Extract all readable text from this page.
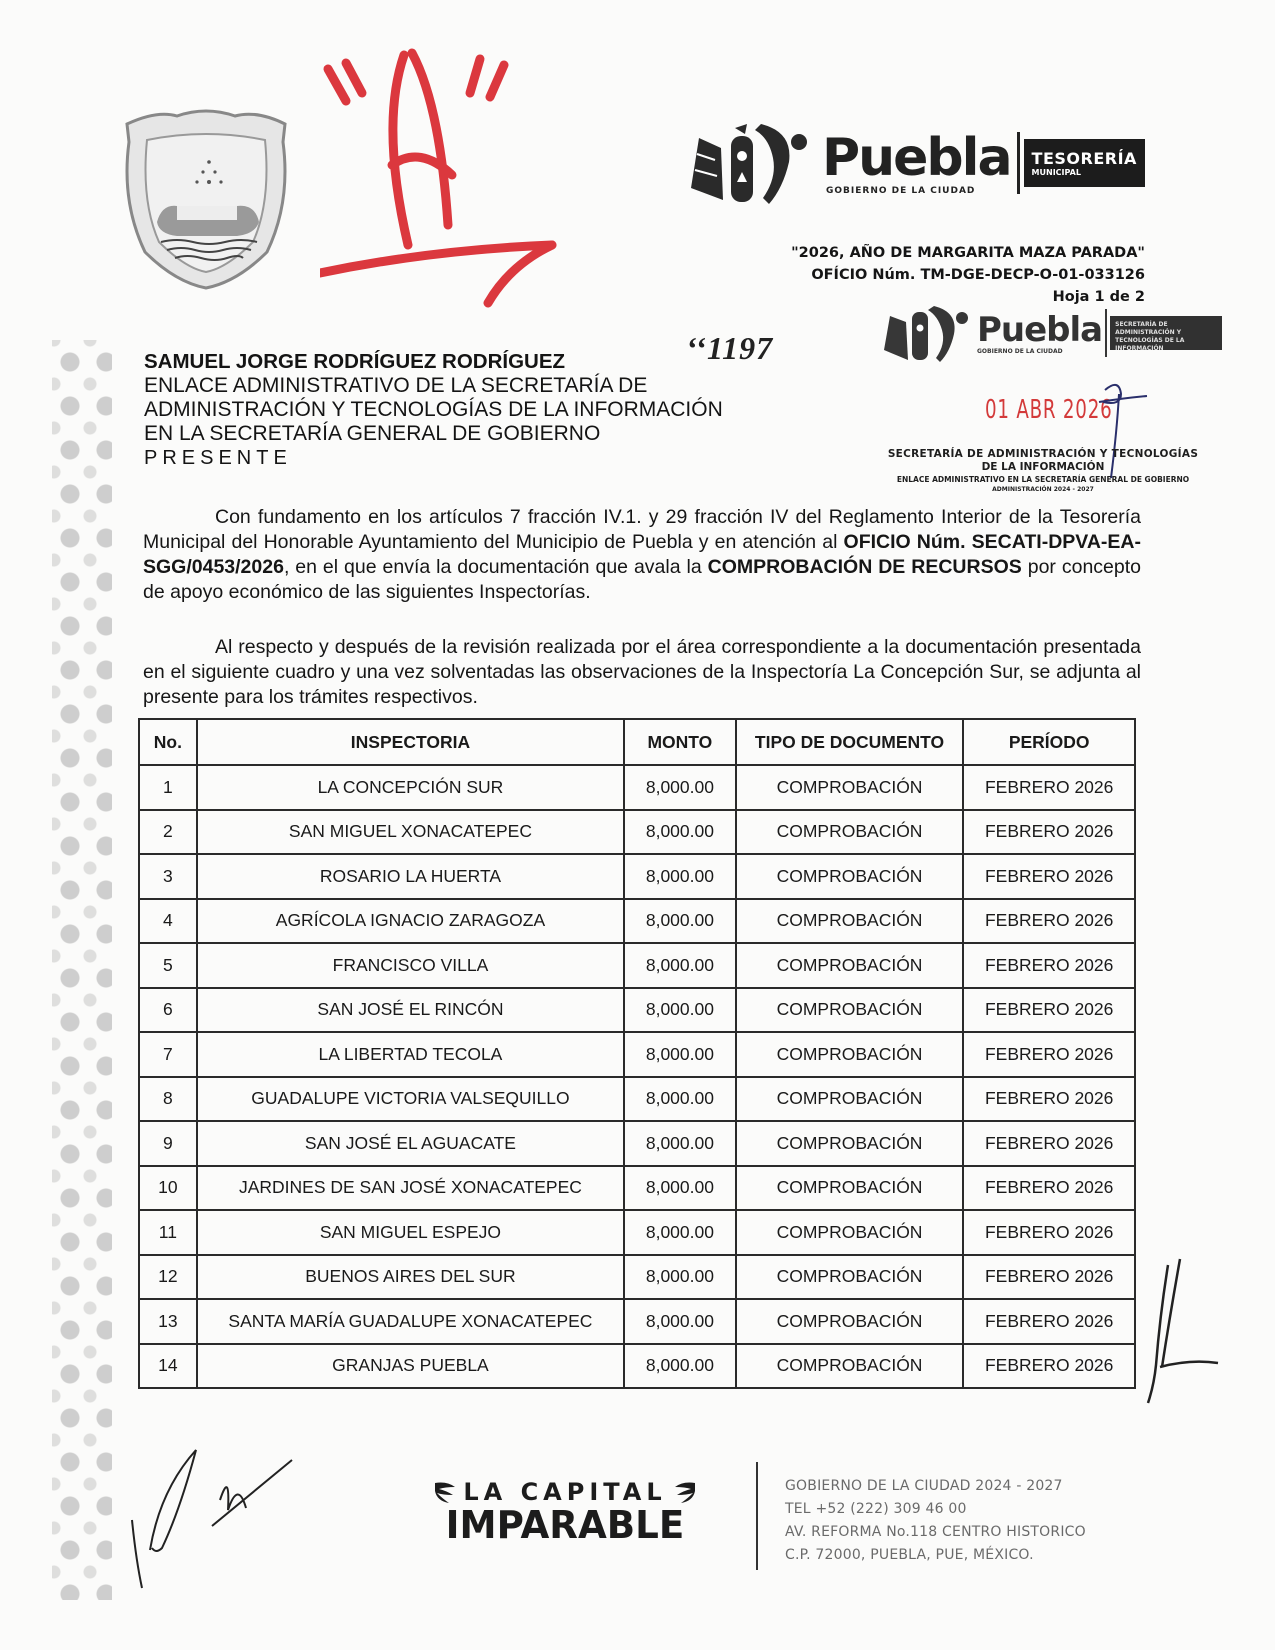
Puebla
GOBIERNO DE LA CIUDAD
TESORERÍA
MUNICIPAL
"2026, AÑO DE MARGARITA MAZA PARADA"
OFÍCIO Núm. TM-DGE-DECP-O-01-033126
Hoja 1 de 2
‘‘1197	Puebla
GOBIERNO DE LA CIUDAD
SECRETARÍA DE ADMINISTRACIÓN Y TECNOLOGÍAS DE LA INFORMACIÓN
01 ABR 2026
SECRETARÍA DE ADMINISTRACIÓN Y TECNOLOGÍAS
DE LA INFORMACIÓN
ENLACE ADMINISTRATIVO EN LA SECRETARÍA GENERAL DE GOBIERNO
ADMINISTRACIÓN 2024 - 2027
SAMUEL JORGE RODRÍGUEZ RODRÍGUEZ
ENLACE ADMINISTRATIVO DE LA SECRETARÍA DE
ADMINISTRACIÓN Y TECNOLOGÍAS DE LA INFORMACIÓN
EN LA SECRETARÍA GENERAL DE GOBIERNO
PRESENTE
Con fundamento en los artículos 7 fracción IV.1. y 29 fracción IV del Reglamento Interior de la Tesorería Municipal del Honorable Ayuntamiento del Municipio de Puebla y en atención al OFICIO Núm. SECATI-DPVA-EA-SGG/0453/2026, en el que envía la documentación que avala la COMPROBACIÓN DE RECURSOS por concepto de apoyo económico de las siguientes Inspectorías.
Al respecto y después de la revisión realizada por el área correspondiente a la documentación presentada en el siguiente cuadro y una vez solventadas las observaciones de la Inspectoría La Concepción Sur, se adjunta al presente para los trámites respectivos.
No.	INSPECTORIA	MONTO	TIPO DE DOCUMENTO	PERÍODO
1	LA CONCEPCIÓN SUR	8,000.00	COMPROBACIÓN	FEBRERO 2026
2	SAN MIGUEL XONACATEPEC	8,000.00	COMPROBACIÓN	FEBRERO 2026
3	ROSARIO LA HUERTA	8,000.00	COMPROBACIÓN	FEBRERO 2026
4	AGRÍCOLA IGNACIO ZARAGOZA	8,000.00	COMPROBACIÓN	FEBRERO 2026
5	FRANCISCO VILLA	8,000.00	COMPROBACIÓN	FEBRERO 2026
6	SAN JOSÉ EL RINCÓN	8,000.00	COMPROBACIÓN	FEBRERO 2026
7	LA LIBERTAD TECOLA	8,000.00	COMPROBACIÓN	FEBRERO 2026
8	GUADALUPE VICTORIA VALSEQUILLO	8,000.00	COMPROBACIÓN	FEBRERO 2026
9	SAN JOSÉ EL AGUACATE	8,000.00	COMPROBACIÓN	FEBRERO 2026
10	JARDINES DE SAN JOSÉ XONACATEPEC	8,000.00	COMPROBACIÓN	FEBRERO 2026
11	SAN MIGUEL ESPEJO	8,000.00	COMPROBACIÓN	FEBRERO 2026
12	BUENOS AIRES DEL SUR	8,000.00	COMPROBACIÓN	FEBRERO 2026
13	SANTA MARÍA GUADALUPE XONACATEPEC	8,000.00	COMPROBACIÓN	FEBRERO 2026
14	GRANJAS PUEBLA	8,000.00	COMPROBACIÓN	FEBRERO 2026
LA CAPITAL
IMPARABLE
GOBIERNO DE LA CIUDAD 2024 - 2027
TEL +52 (222) 309 46 00
AV. REFORMA No.118 CENTRO HISTORICO
C.P. 72000, PUEBLA, PUE, MÉXICO.
